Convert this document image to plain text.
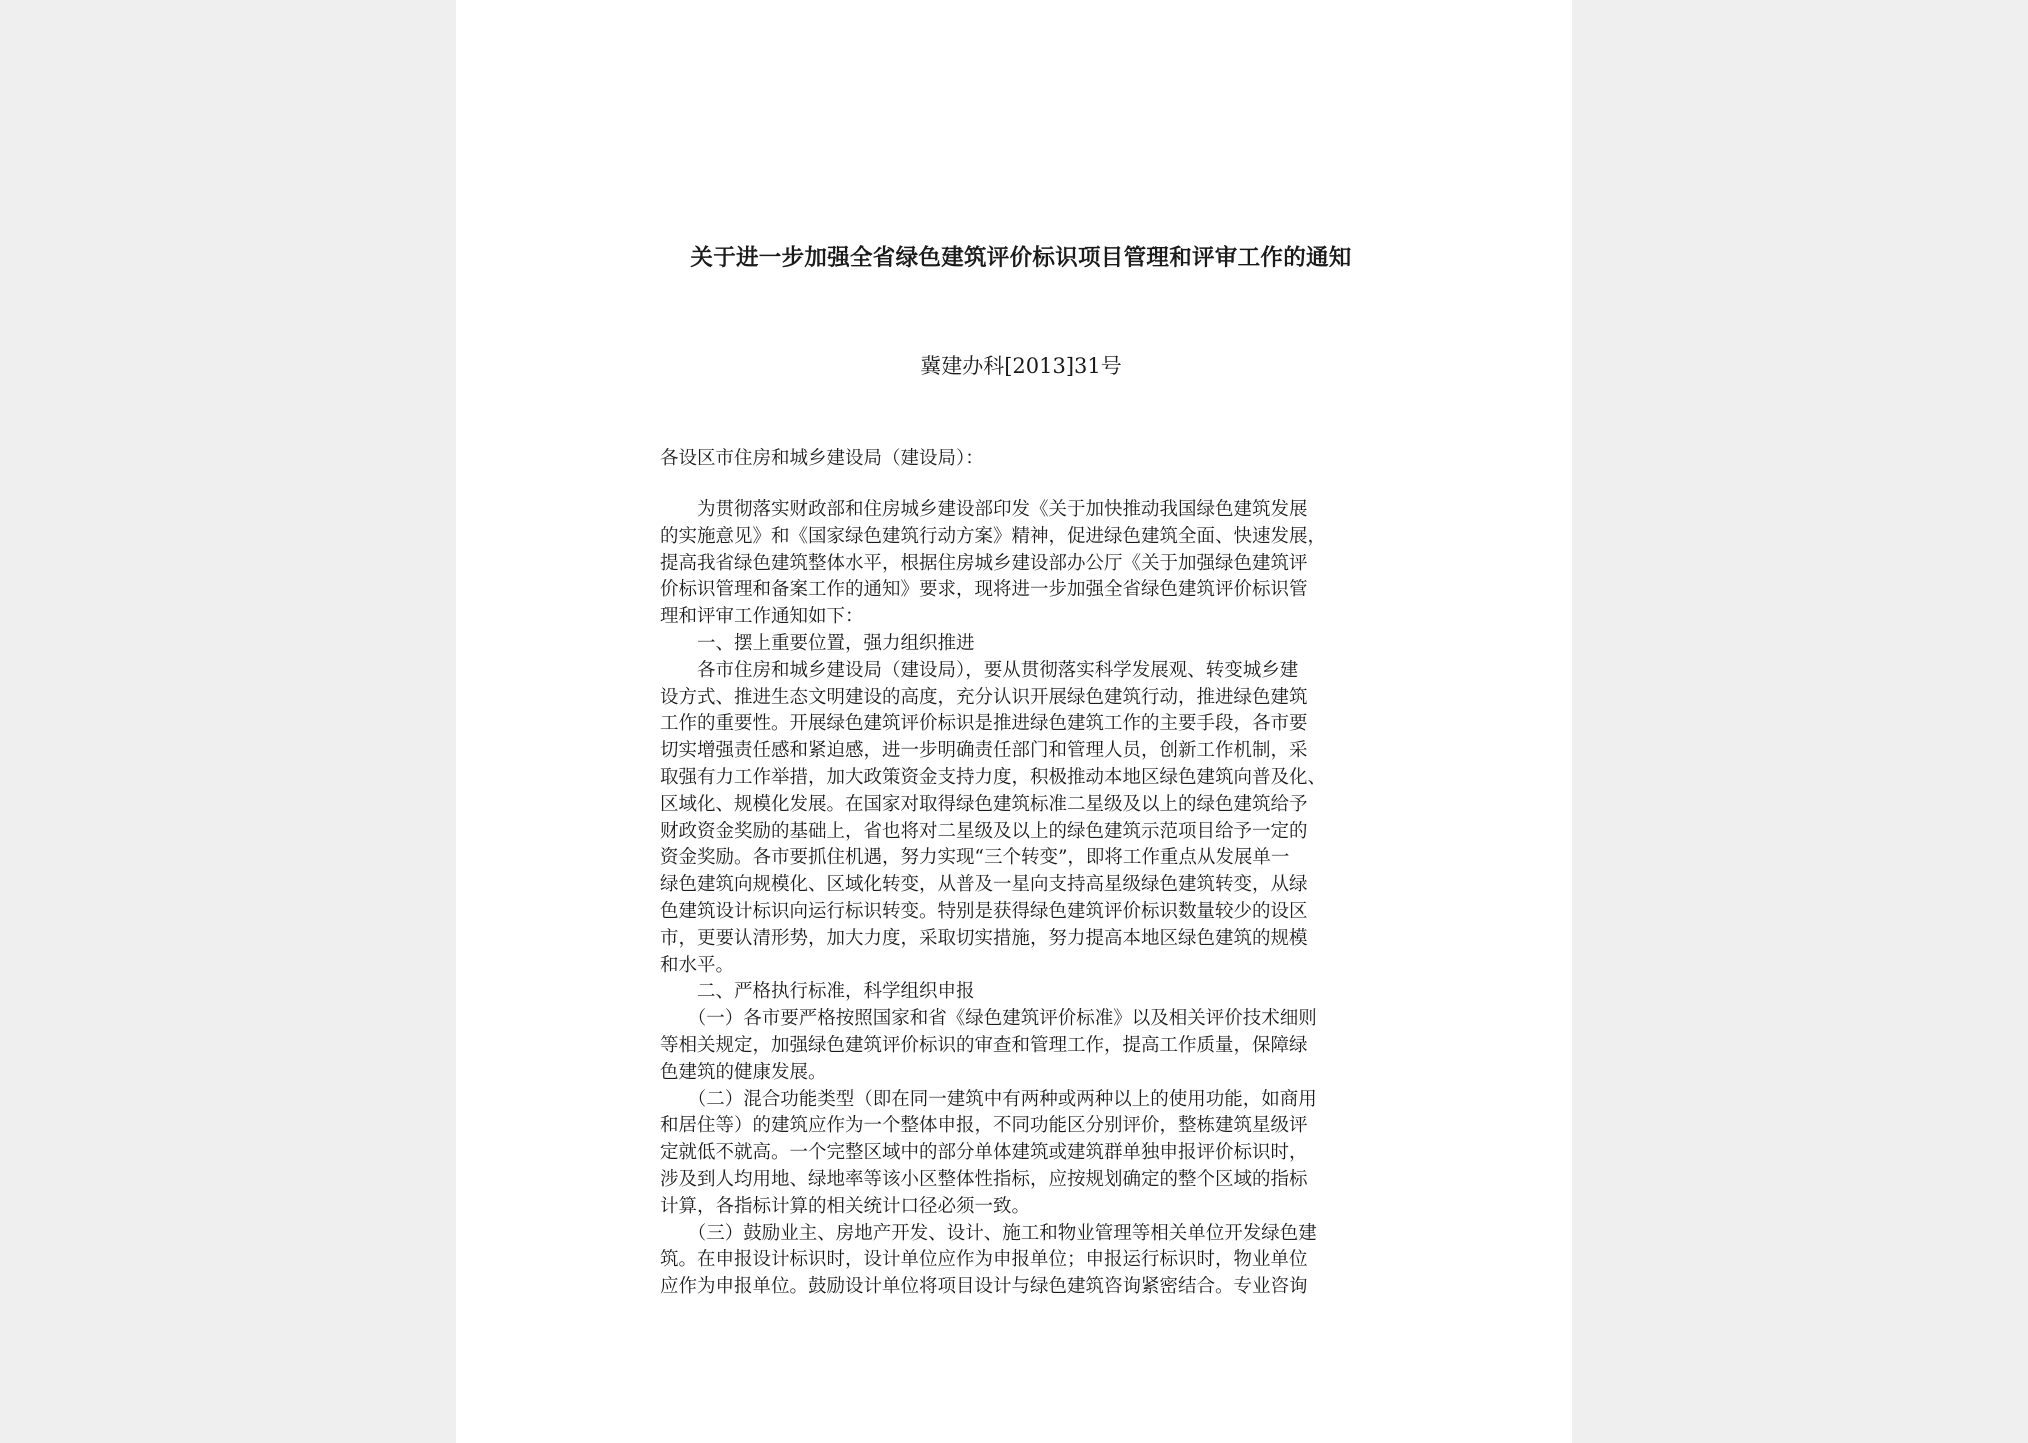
关于进一步加强全省绿色建筑评价标识项目管理和评审工作的通知
冀建办科[2013]31号
各设区市住房和城乡建设局（建设局）：
　　为贯彻落实财政部和住房城乡建设部印发《关于加快推动我国绿色建筑发展
的实施意见》和《国家绿色建筑行动方案》精神，促进绿色建筑全面、快速发展，
提高我省绿色建筑整体水平，根据住房城乡建设部办公厅《关于加强绿色建筑评
价标识管理和备案工作的通知》要求，现将进一步加强全省绿色建筑评价标识管
理和评审工作通知如下：
　　一、摆上重要位置，强力组织推进
　　各市住房和城乡建设局（建设局），要从贯彻落实科学发展观、转变城乡建
设方式、推进生态文明建设的高度，充分认识开展绿色建筑行动，推进绿色建筑
工作的重要性。开展绿色建筑评价标识是推进绿色建筑工作的主要手段，各市要
切实增强责任感和紧迫感，进一步明确责任部门和管理人员，创新工作机制，采
取强有力工作举措，加大政策资金支持力度，积极推动本地区绿色建筑向普及化、
区域化、规模化发展。在国家对取得绿色建筑标准二星级及以上的绿色建筑给予
财政资金奖励的基础上，省也将对二星级及以上的绿色建筑示范项目给予一定的
资金奖励。各市要抓住机遇，努力实现“三个转变”，即将工作重点从发展单一
绿色建筑向规模化、区域化转变，从普及一星向支持高星级绿色建筑转变，从绿
色建筑设计标识向运行标识转变。特别是获得绿色建筑评价标识数量较少的设区
市，更要认清形势，加大力度，采取切实措施，努力提高本地区绿色建筑的规模
和水平。
　　二、严格执行标准，科学组织申报
　　（一）各市要严格按照国家和省《绿色建筑评价标准》以及相关评价技术细则
等相关规定，加强绿色建筑评价标识的审查和管理工作，提高工作质量，保障绿
色建筑的健康发展。
　　（二）混合功能类型（即在同一建筑中有两种或两种以上的使用功能，如商用
和居住等）的建筑应作为一个整体申报，不同功能区分别评价，整栋建筑星级评
定就低不就高。一个完整区域中的部分单体建筑或建筑群单独申报评价标识时，
涉及到人均用地、绿地率等该小区整体性指标，应按规划确定的整个区域的指标
计算，各指标计算的相关统计口径必须一致。
　　（三）鼓励业主、房地产开发、设计、施工和物业管理等相关单位开发绿色建
筑。在申报设计标识时，设计单位应作为申报单位；申报运行标识时，物业单位
应作为申报单位。鼓励设计单位将项目设计与绿色建筑咨询紧密结合。专业咨询
